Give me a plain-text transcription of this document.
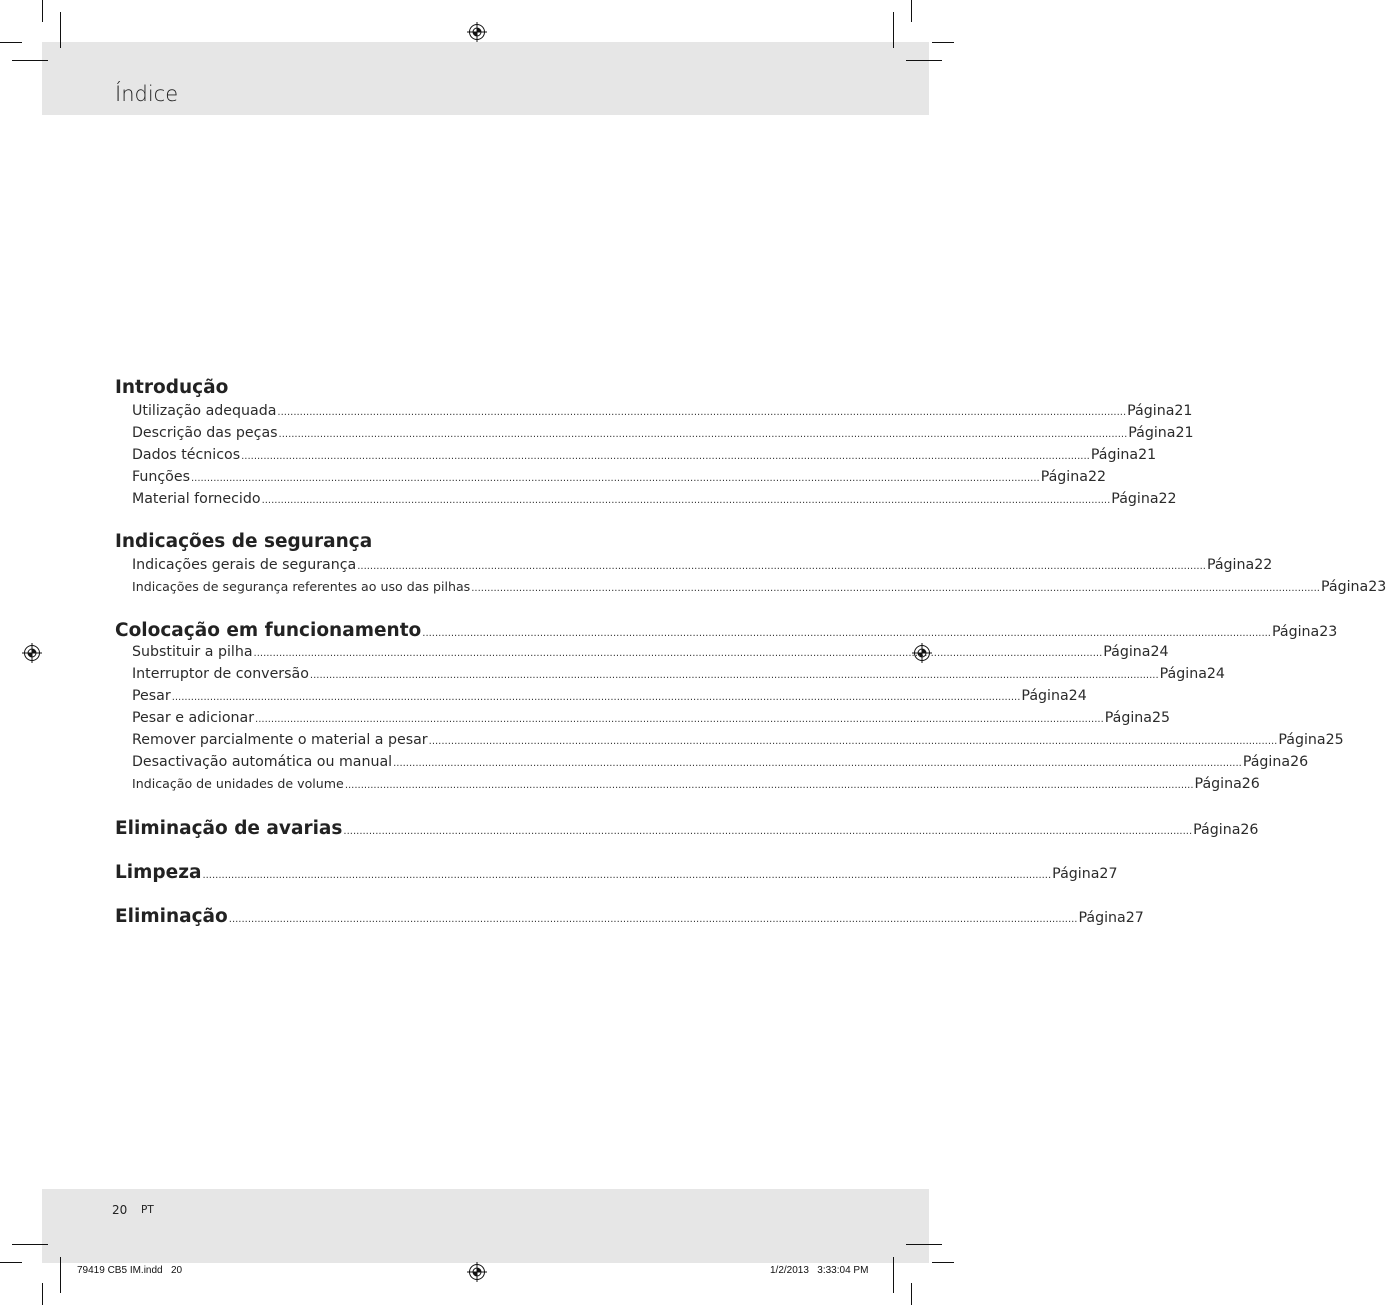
Índice
Introdução
Utilização adequada ........................................................................................................................................................................................................................................................................... Página 21
Descrição das peças ........................................................................................................................................................................................................................................................................... Página 21
Dados técnicos ........................................................................................................................................................................................................................................................................... Página 21
Funções ........................................................................................................................................................................................................................................................................... Página 22
Material fornecido ........................................................................................................................................................................................................................................................................... Página 22
Indicações de segurança
Indicações gerais de segurança ........................................................................................................................................................................................................................................................................... Página 22
Indicações de segurança referentes ao uso das pilhas ........................................................................................................................................................................................................................................................................... Página 23
Colocação em funcionamento ........................................................................................................................................................................................................................................................................... Página 23
Substituir a pilha ........................................................................................................................................................................................................................................................................... Página 24
Interruptor de conversão ........................................................................................................................................................................................................................................................................... Página 24
Pesar ........................................................................................................................................................................................................................................................................... Página 24
Pesar e adicionar ........................................................................................................................................................................................................................................................................... Página 25
Remover parcialmente o material a pesar ........................................................................................................................................................................................................................................................................... Página 25
Desactivação automática ou manual ........................................................................................................................................................................................................................................................................... Página 26
Indicação de unidades de volume ........................................................................................................................................................................................................................................................................... Página 26
Eliminação de avarias ........................................................................................................................................................................................................................................................................... Página 26
Limpeza ........................................................................................................................................................................................................................................................................... Página 27
Eliminação ........................................................................................................................................................................................................................................................................... Página 27
20 PT
79419 CB5 IM.indd   20	1/2/2013   3:33:04 PM
